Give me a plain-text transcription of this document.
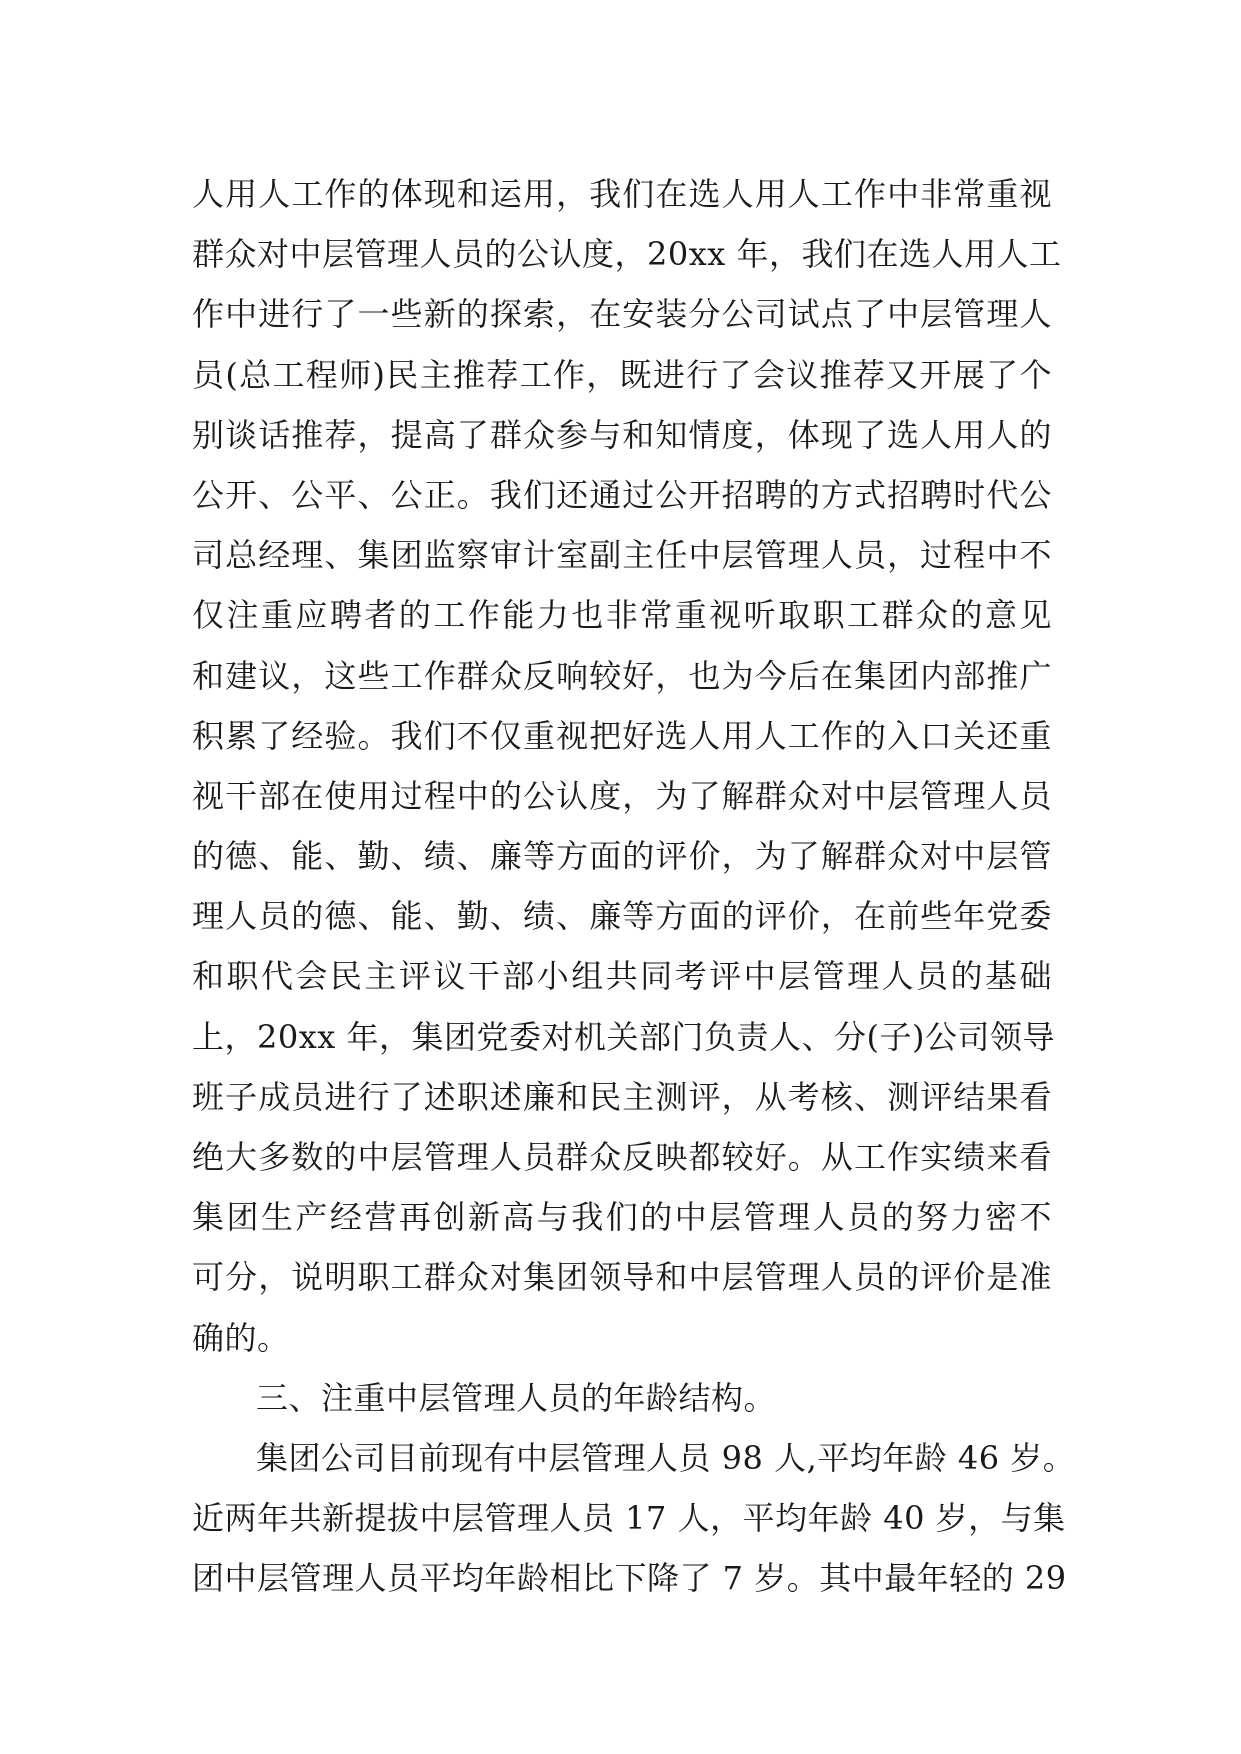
人用人工作的体现和运用，我们在选人用人工作中非常重视
群众对中层管理人员的公认度，20xx 年，我们在选人用人工
作中进行了一些新的探索，在安装分公司试点了中层管理人
员(总工程师)民主推荐工作，既进行了会议推荐又开展了个
别谈话推荐，提高了群众参与和知情度，体现了选人用人的
公开、公平、公正。我们还通过公开招聘的方式招聘时代公
司总经理、集团监察审计室副主任中层管理人员，过程中不
仅注重应聘者的工作能力也非常重视听取职工群众的意见
和建议，这些工作群众反响较好，也为今后在集团内部推广
积累了经验。我们不仅重视把好选人用人工作的入口关还重
视干部在使用过程中的公认度，为了解群众对中层管理人员
的德、能、勤、绩、廉等方面的评价，为了解群众对中层管
理人员的德、能、勤、绩、廉等方面的评价，在前些年党委
和职代会民主评议干部小组共同考评中层管理人员的基础
上，20xx 年，集团党委对机关部门负责人、分(子)公司领导
班子成员进行了述职述廉和民主测评，从考核、测评结果看
绝大多数的中层管理人员群众反映都较好。从工作实绩来看
集团生产经营再创新高与我们的中层管理人员的努力密不
可分，说明职工群众对集团领导和中层管理人员的评价是准
确的。
三、注重中层管理人员的年龄结构。
集团公司目前现有中层管理人员 98 人,平均年龄 46 岁。
近两年共新提拔中层管理人员 17 人，平均年龄 40 岁，与集
团中层管理人员平均年龄相比下降了 7 岁。其中最年轻的 29
